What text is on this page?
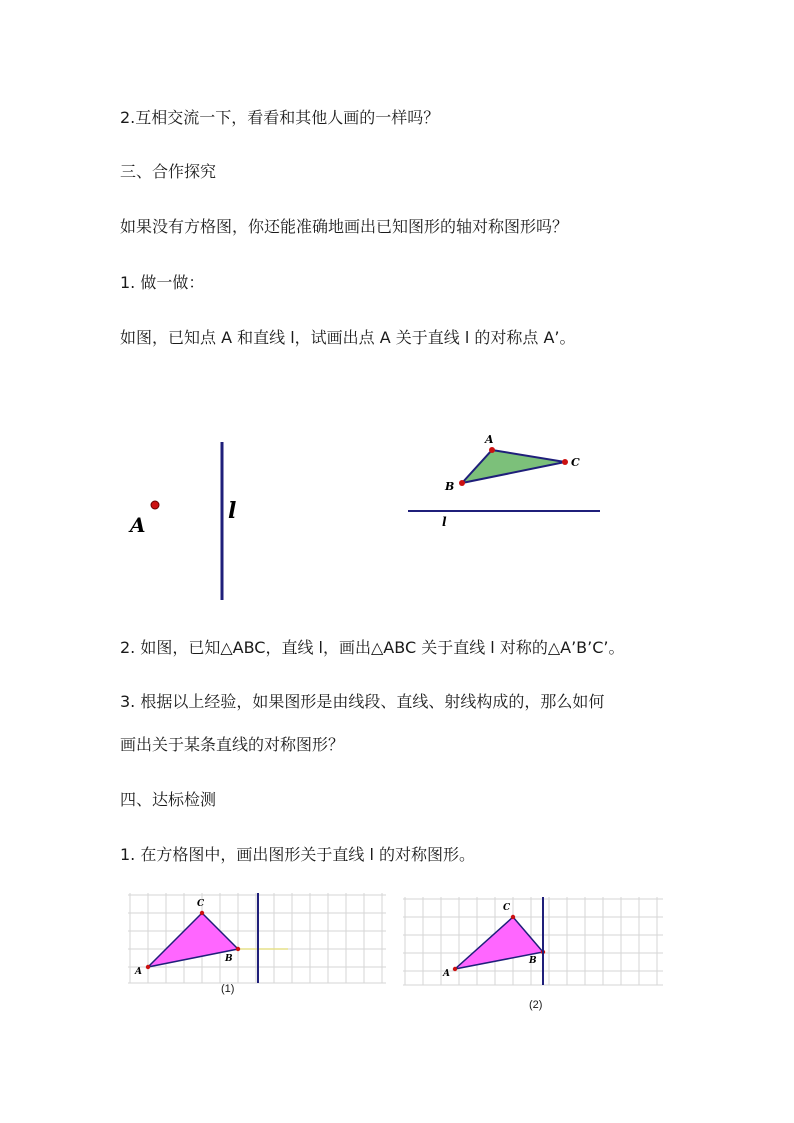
2.互相交流一下，看看和其他人画的一样吗？
三、合作探究
如果没有方格图，你还能准确地画出已知图形的轴对称图形吗？
1. 做一做：
如图，已知点 A 和直线 l，试画出点 A 关于直线 l 的对称点 A’。
2. 如图，已知△ABC，直线 l，画出△ABC 关于直线 l 对称的△A’B’C’。
3. 根据以上经验，如果图形是由线段、直线、射线构成的，那么如何
画出关于某条直线的对称图形？
四、达标检测
1. 在方格图中，画出图形关于直线 l 的对称图形。
A
l
A
B
C
l
C
B
A
(1)
C
B
A
(2)
